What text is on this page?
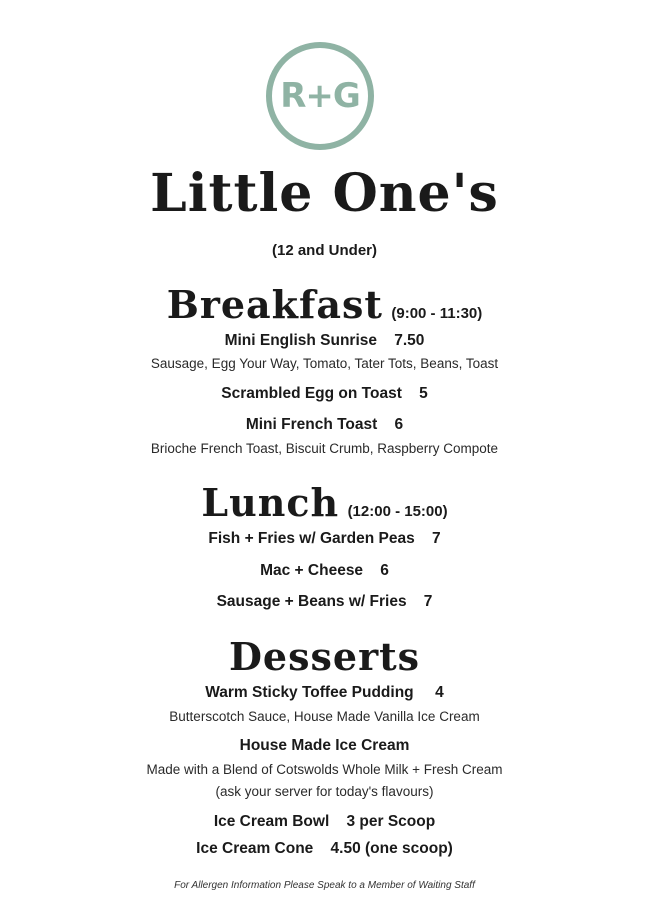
R+G
Little One's
(12 and Under)
Breakfast (9:00 - 11:30)
Mini English Sunrise    7.50
Sausage, Egg Your Way, Tomato, Tater Tots, Beans, Toast
Scrambled Egg on Toast    5
Mini French Toast    6
Brioche French Toast, Biscuit Crumb, Raspberry Compote
Lunch (12:00 - 15:00)
Fish + Fries w/ Garden Peas    7
Mac + Cheese    6
Sausage + Beans w/ Fries    7
Desserts
Warm Sticky Toffee Pudding     4
Butterscotch Sauce, House Made Vanilla Ice Cream
House Made Ice Cream
Made with a Blend of Cotswolds Whole Milk + Fresh Cream
(ask your server for today's flavours)
Ice Cream Bowl    3 per Scoop
Ice Cream Cone    4.50 (one scoop)
For Allergen Information Please Speak to a Member of Waiting Staff
